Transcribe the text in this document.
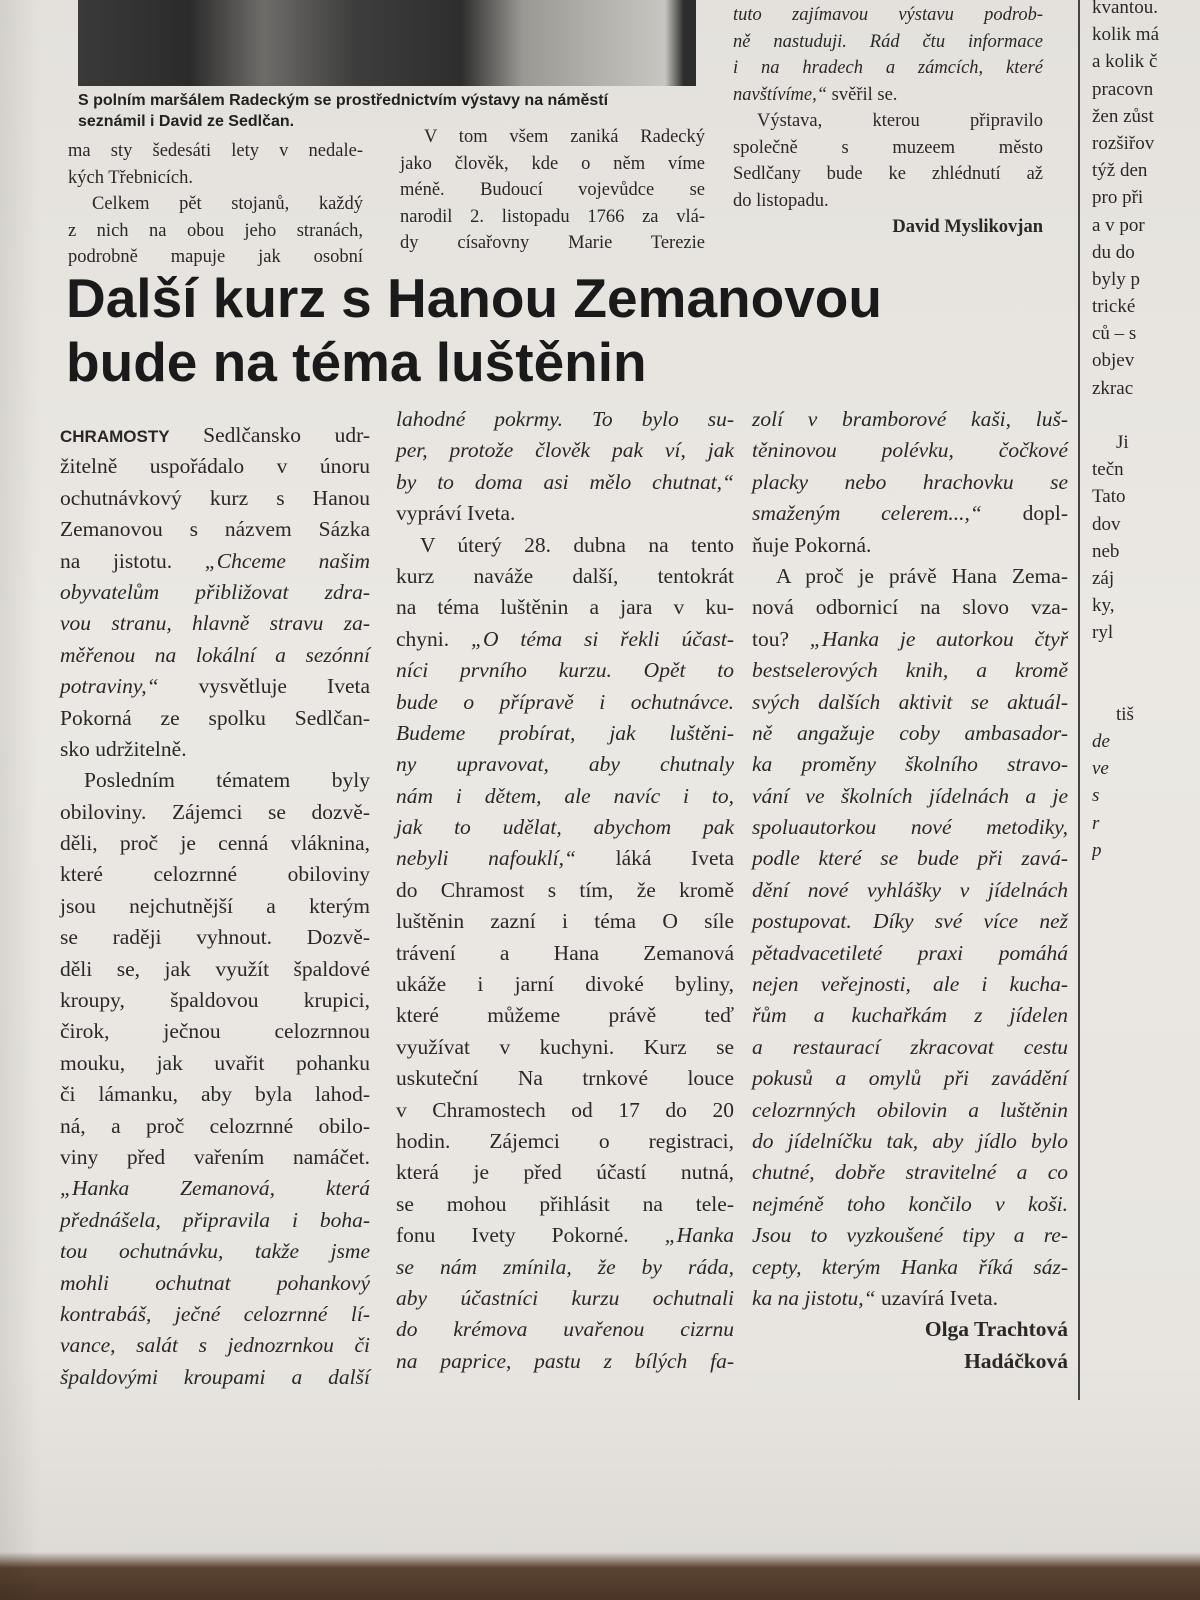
S polním maršálem Radeckým se prostřednictvím výstavy na náměstí
seznámil i David ze Sedlčan.
ma sty šedesáti lety v nedale-
kých Třebnicích.
Celkem pět stojanů, každý
z nich na obou jeho stranách,
podrobně mapuje jak osobní
V tom všem zaniká Radecký
jako člověk, kde o něm víme
méně. Budoucí vojevůdce se
narodil 2. listopadu 1766 za vlá-
dy císařovny Marie Terezie
tuto zajímavou výstavu podrob-
ně nastuduji. Rád čtu informace
i na hradech a zámcích, které
navštívíme,“ svěřil se.
Výstava, kterou připravilo
společně s muzeem město
Sedlčany bude ke zhlédnutí až
do listopadu.
David Myslikovjan
Další kurz s Hanou Zemanovou
bude na téma luštěnin
CHRAMOSTY Sedlčansko udr-
žitelně uspořádalo v únoru
ochutnávkový kurz s Hanou
Zemanovou s názvem Sázka
na jistotu. „Chceme našim
obyvatelům přibližovat zdra-
vou stranu, hlavně stravu za-
měřenou na lokální a sezónní
potraviny,“ vysvětluje Iveta
Pokorná ze spolku Sedlčan-
sko udržitelně.
Posledním tématem byly
obiloviny. Zájemci se dozvě-
děli, proč je cenná vláknina,
které celozrnné obiloviny
jsou nejchutnější a kterým
se raději vyhnout. Dozvě-
děli se, jak využít špaldové
kroupy, špaldovou krupici,
čirok, ječnou celozrnnou
mouku, jak uvařit pohanku
či lámanku, aby byla lahod-
ná, a proč celozrnné obilo-
viny před vařením namáčet.
„Hanka Zemanová, která
přednášela, připravila i boha-
tou ochutnávku, takže jsme
mohli ochutnat pohankový
kontrabáš, ječné celozrnné lí-
vance, salát s jednozrnkou či
špaldovými kroupami a další
lahodné pokrmy. To bylo su-
per, protože člověk pak ví, jak
by to doma asi mělo chutnat,“
vypráví Iveta.
V úterý 28. dubna na tento
kurz naváže další, tentokrát
na téma luštěnin a jara v ku-
chyni. „O téma si řekli účast-
níci prvního kurzu. Opět to
bude o přípravě i ochutnávce.
Budeme probírat, jak luštěni-
ny upravovat, aby chutnaly
nám i dětem, ale navíc i to,
jak to udělat, abychom pak
nebyli nafouklí,“ láká Iveta
do Chramost s tím, že kromě
luštěnin zazní i téma O síle
trávení a Hana Zemanová
ukáže i jarní divoké byliny,
které můžeme právě teď
využívat v kuchyni. Kurz se
uskuteční Na trnkové louce
v Chramostech od 17 do 20
hodin. Zájemci o registraci,
která je před účastí nutná,
se mohou přihlásit na tele-
fonu Ivety Pokorné. „Hanka
se nám zmínila, že by ráda,
aby účastníci kurzu ochutnali
do krémova uvařenou cizrnu
na paprice, pastu z bílých fa-
zolí v bramborové kaši, luš-
těninovou polévku, čočkové
placky nebo hrachovku se
smaženým celerem...,“ dopl-
ňuje Pokorná.
A proč je právě Hana Zema-
nová odbornicí na slovo vza-
tou? „Hanka je autorkou čtyř
bestselerových knih, a kromě
svých dalších aktivit se aktuál-
ně angažuje coby ambasador-
ka proměny školního stravo-
vání ve školních jídelnách a je
spoluautorkou nové metodiky,
podle které se bude při zavá-
dění nové vyhlášky v jídelnách
postupovat. Díky své více než
pětadvacetileté praxi pomáhá
nejen veřejnosti, ale i kucha-
řům a kuchařkám z jídelen
a restaurací zkracovat cestu
pokusů a omylů při zavádění
celozrnných obilovin a luštěnin
do jídelníčku tak, aby jídlo bylo
chutné, dobře stravitelné a co
nejméně toho končilo v koši.
Jsou to vyzkoušené tipy a re-
cepty, kterým Hanka říká sáz-
ka na jistotu,“ uzavírá Iveta.
Olga Trachtová
Hadáčková
kvantou.
kolik má
a kolik č
pracovn
žen zůst
rozšiřov
týž den
pro při
a v por
du do
byly p
trické
ců – s
objev
zkrac
Ji
tečn
Tato
dov
neb
záj
ky,
ryl
tiš
de
ve
s
r
p
